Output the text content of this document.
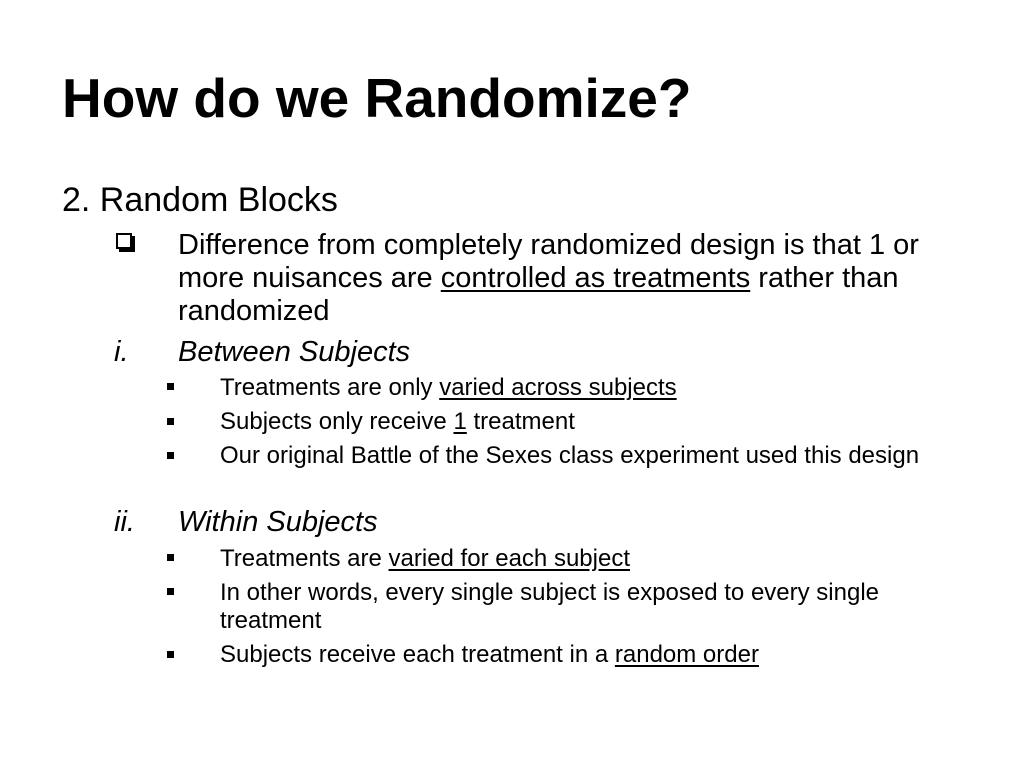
How do we Randomize?
2. Random Blocks
Difference from completely randomized design is that 1 or more nuisances are controlled as treatments rather than randomized
i. Between Subjects
Treatments are only varied across subjects
Subjects only receive 1 treatment
Our original Battle of the Sexes class experiment used this design
ii. Within Subjects
Treatments are varied for each subject
In other words, every single subject is exposed to every single treatment
Subjects receive each treatment in a random order
